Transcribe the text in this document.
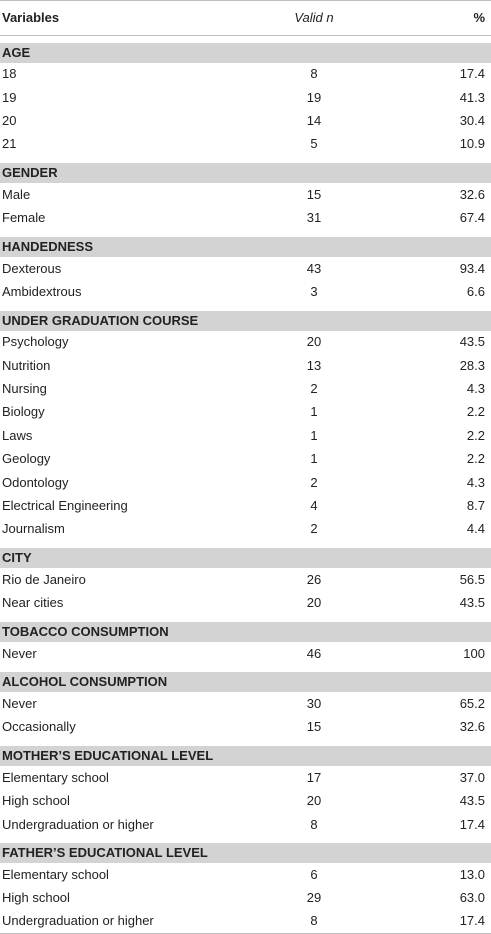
Variables	Valid n	%

AGE		
18	8	17.4
19	19	41.3
20	14	30.4
21	5	10.9

GENDER		
Male	15	32.6
Female	31	67.4

HANDEDNESS		
Dexterous	43	93.4
Ambidextrous	3	6.6

UNDER GRADUATION COURSE		
Psychology	20	43.5
Nutrition	13	28.3
Nursing	2	4.3
Biology	1	2.2
Laws	1	2.2
Geology	1	2.2
Odontology	2	4.3
Electrical Engineering	4	8.7
Journalism	2	4.4

CITY		
Rio de Janeiro	26	56.5
Near cities	20	43.5

TOBACCO CONSUMPTION		
Never	46	100

ALCOHOL CONSUMPTION		
Never	30	65.2
Occasionally	15	32.6

MOTHER’S EDUCATIONAL LEVEL		
Elementary school	17	37.0
High school	20	43.5
Undergraduation or higher	8	17.4

FATHER’S EDUCATIONAL LEVEL		
Elementary school	6	13.0
High school	29	63.0
Undergraduation or higher	8	17.4
